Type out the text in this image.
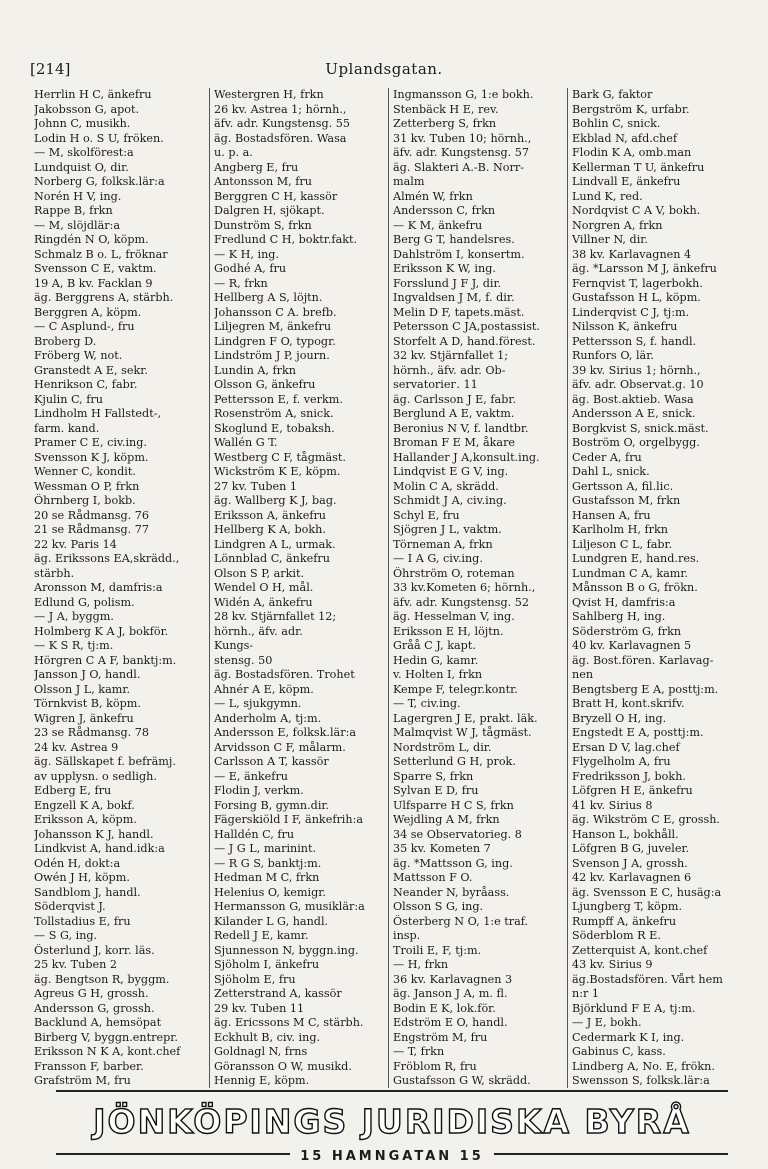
[214]	Uplandsgatan.
Herrlin H C, änkefru
Jakobsson G, apot.
Johnn C, musikh.
Lodin H o. S U, fröken.
— M, skolförest:a
Lundquist O, dir.
Norberg G, folksk.lär:a
Norén H V, ing.
Rappe B, frkn
— M, slöjdlär:a
Ringdén N O, köpm.
Schmalz B o. L, fröknar
Svensson C E, vaktm.
19 A, B kv. Facklan 9
äg. Berggrens A, stärbh.
Berggren A, köpm.
— C Asplund-, fru
Broberg D.
Fröberg W, not.
Granstedt A E, sekr.
Henrikson C, fabr.
Kjulin C, fru
Lindholm H Fallstedt-,
farm. kand.
Pramer C E, civ.ing.
Svensson K J, köpm.
Wenner C, kondit.
Wessman O P, frkn
Öhrnberg I, bokb.
20 se Rådmansg. 76
21 se Rådmansg. 77
22 kv. Paris 14
äg. Erikssons EA,skrädd.,
stärbh.
Aronsson M, damfris:a
Edlund G, polism.
— J A, byggm.
Holmberg K A J, bokför.
— K S R, tj:m.
Hörgren C A F, banktj:m.
Jansson J O, handl.
Olsson J L, kamr.
Törnkvist B, köpm.
Wigren J, änkefru
23 se Rådmansg. 78
24 kv. Astrea 9
äg. Sällskapet f. befrämj.
av upplysn. o sedligh.
Edberg E, fru
Engzell K A, bokf.
Eriksson A, köpm.
Johansson K J, handl.
Lindkvist A, hand.idk:a
Odén H, dokt:a
Owén J H, köpm.
Sandblom J, handl.
Söderqvist J.
Tollstadius E, fru
— S G, ing.
Österlund J, korr. läs.
25 kv. Tuben 2
äg. Bengtson R, byggm.
Agreus G H, grossh.
Andersson G, grossh.
Backlund A, hemsöpat
Birberg V, byggn.entrepr.
Eriksson N K A, kont.chef
Fransson F, barber.
Grafström M, fru
Westergren H, frkn
26 kv. Astrea 1; hörnh.,
äfv. adr. Kungstensg. 55
äg. Bostadsfören. Wasa
u. p. a.
Angberg E, fru
Antonsson M, fru
Berggren C H, kassör
Dalgren H, sjökapt.
Dunström S, frkn
Fredlund C H, boktr.fakt.
— K H, ing.
Godhé A, fru
— R, frkn
Hellberg A S, löjtn.
Johansson C A. brefb.
Liljegren M, änkefru
Lindgren F O, typogr.
Lindström J P, journ.
Lundin A, frkn
Olsson G, änkefru
Pettersson E, f. verkm.
Rosenström A, snick.
Skoglund E, tobaksh.
Wallén G T.
Westberg C F, tågmäst.
Wickström K E, köpm.
27 kv. Tuben 1
äg. Wallberg K J, bag.
Eriksson A, änkefru
Hellberg K A, bokh.
Lindgren A L, urmak.
Lönnblad C, änkefru
Olson S P, arkit.
Wendel O H, mål.
Widén A, änkefru
28 kv. Stjärnfallet 12;
hörnh., äfv. adr.
Kungs-
stensg. 50
äg. Bostadsfören. Trohet
Ahnér A E, köpm.
— L, sjukgymn.
Anderholm A, tj:m.
Andersson E, folksk.lär:a
Arvidsson C F, målarm.
Carlsson A T, kassör
— E, änkefru
Flodin J, verkm.
Forsing B, gymn.dir.
Fägerskiöld I F, änkefrih:a
Halldén C, fru
— J G L, marinint.
— R G S, banktj:m.
Hedman M C, frkn
Helenius O, kemigr.
Hermansson G, musiklär:a
Kilander L G, handl.
Redell J E, kamr.
Sjunnesson N, byggn.ing.
Sjöholm I, änkefru
Sjöholm E, fru
Zetterstrand A, kassör
29 kv. Tuben 11
äg. Ericssons M C, stärbh.
Eckhult B, civ. ing.
Goldnagl N, frns
Göransson O W, musikd.
Hennig E, köpm.
Ingmansson G, 1:e bokh.
Stenbäck H E, rev.
Zetterberg S, frkn
31 kv. Tuben 10; hörnh.,
äfv. adr. Kungstensg. 57
äg. Slakteri A.-B. Norr-
malm
Almén W, frkn
Andersson C, frkn
— K M, änkefru
Berg G T, handelsres.
Dahlström I, konsertm.
Eriksson K W, ing.
Forsslund J F J, dir.
Ingvaldsen J M, f. dir.
Melin D F, tapets.mäst.
Petersson C JA,postassist.
Storfelt A D, hand.förest.
32 kv. Stjärnfallet 1;
hörnh., äfv. adr. Ob-
servatoriег. 11
äg. Carlsson J E, fabr.
Berglund A E, vaktm.
Beronius N V, f. landtbr.
Broman F E M, åkare
Hallander J A,konsult.ing.
Lindqvist E G V, ing.
Molin C A, skrädd.
Schmidt J A, civ.ing.
Schyl E, fru
Sjögren J L, vaktm.
Törneman A, frkn
— I A G, civ.ing.
Öhrström O, roteman
33 kv.Kometen 6; hörnh.,
äfv. adr. Kungstensg. 52
äg. Hesselman V, ing.
Eriksson E H, löjtn.
Gråå C J, kapt.
Hedin G, kamr.
v. Holten I, frkn
Kempe F, telegr.kontr.
— T, civ.ing.
Lagergren J E, prakt. läk.
Malmqvist W J, tågmäst.
Nordström L, dir.
Setterlund G H, prok.
Sparre S, frkn
Sylvan E D, fru
Ulfsparre H C S, frkn
Wejdling A M, frkn
34 se Observatorieg. 8
35 kv. Kometen 7
äg. *Mattsson G, ing.
Mattsson F O.
Neander N, byråass.
Olsson S G, ing.
Österberg N O, 1:e traf.
insp.
Troili E, F, tj:m.
— H, frkn
36 kv. Karlavagnen 3
äg. Janson J A, m. fl.
Bodin E K, lok.för.
Edström E O, handl.
Engström M, fru
— T, frkn
Fröblom R, fru
Gustafsson G W, skrädd.
Bark G, faktor
Bergström K, urfabr.
Bohlin C, snick.
Ekblad N, afd.chef
Flodin K A, omb.man
Kellerman T U, änkefru
Lindvall E, änkefru
Lund K, red.
Nordqvist C A V, bokh.
Norgren A, frkn
Villner N, dir.
38 kv. Karlavagnen 4
äg. *Larsson M J, änkefru
Fernqvist T, lagerbokh.
Gustafsson H L, köpm.
Linderqvist C J, tj:m.
Nilsson K, änkefru
Pettersson S, f. handl.
Runfors O, lär.
39 kv. Sirius 1; hörnh.,
äfv. adr. Observat.g. 10
äg. Bost.aktieb. Wasa
Andersson A E, snick.
Borgkvist S, snick.mäst.
Boström O, orgelbygg.
Ceder A, fru
Dahl L, snick.
Gertsson A, fil.lic.
Gustafsson M, frkn
Hansen A, fru
Karlholm H, frkn
Liljeson C L, fabr.
Lundgren E, hand.res.
Lundman C A, kamr.
Månsson B o G, frökn.
Qvist H, damfris:a
Sahlberg H, ing.
Söderström G, frkn
40 kv. Karlavagnen 5
äg. Bost.fören. Karlavag-
nen
Bengtsberg E A, posttj:m.
Bratt H, kont.skrifv.
Bryzell O H, ing.
Engstedt E A, posttj:m.
Ersan D V, lag.chef
Flygelholm A, fru
Fredriksson J, bokh.
Löfgren H E, änkefru
41 kv. Sirius 8
äg. Wikström C E, grossh.
Hanson L, bokhåll.
Löfgren B G, juveler.
Svenson J A, grossh.
42 kv. Karlavagnen 6
äg. Svensson E C, husäg:a
Ljungberg T, köpm.
Rumpff A, änkefru
Söderblom R E.
Zetterquist A, kont.chef
43 kv. Sirius 9
äg.Bostadsfören. Vårt hem
n:r 1
Björklund F E A, tj:m.
— J E, bokh.
Cedermark K I, ing.
Gabinus C, kass.
Lindberg A, No. E, frökn.
Swensson S, folksk.lär:a
JÖNKÖPINGS JURIDISKA BYRÅ
15 HAMNGATAN 15
